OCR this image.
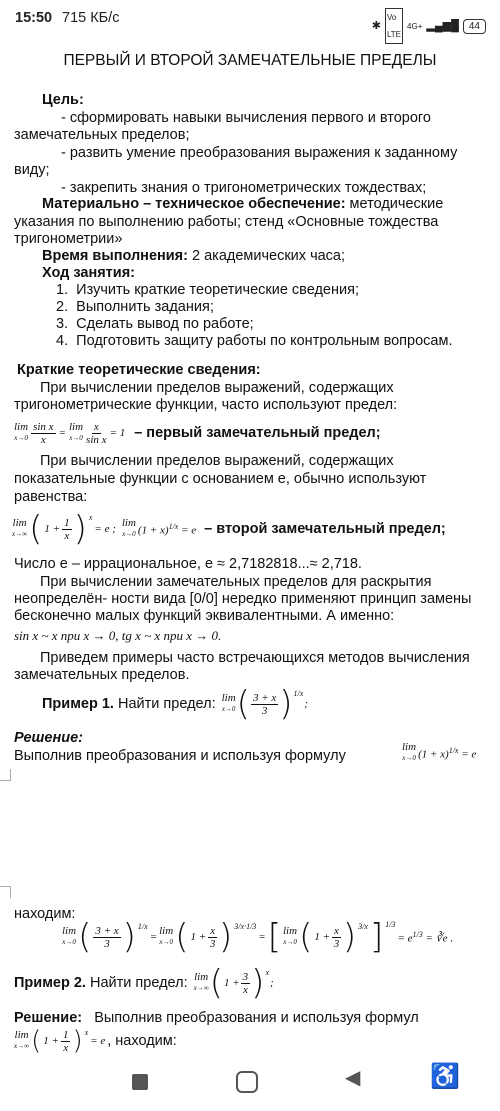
15:50 715 КБ/с	✱
Vo
LTE
4G+ ▂▄▆█	44
ПЕРВЫЙ И ВТОРОЙ ЗАМЕЧАТЕЛЬНЫЕ ПРЕДЕЛЫ
Цель:
- сформировать навыки вычисления первого и второго
замечательных пределов;
- развить умение преобразования выражения к заданному
виду;
- закрепить знания о тригонометрических тождествах;
Материально – техническое обеспечение: методические
указания по выполнению работы; стенд «Основные тождества
тригонометрии»
Время выполнения: 2 академических часа;
Ход занятия:
1.  Изучить краткие теоретические сведения;
2.  Выполнить задания;
3.  Сделать вывод по работе;
4.  Подготовить защиту работы по контрольным вопросам.
Краткие теоретические сведения:
При вычислении пределов выражений, содержащих
тригонометрические функции, часто используют предел:
lim
$x\to 0 \frac{\text{sin x}}{x} = \lim$
$x\to 0 \frac{x}{\text{sin x}} = 1$ – первый замечательный предел;
При вычислении пределов выражений, содержащих
показательные функции с основанием e, обычно используют
равенства:
lim
x→∞ ( $1 + \frac{1}{x}$ ) x
= e ; lim
x→0 $(1 + x)^{1/x} = e$ – второй замечательный предел;
Число e – иррациональное, e ≈ 2,7182818...≈ 2,718.
При вычислении замечательных пределов для раскрытия
неопределён- ности вида [0/0] нередко применяют принцип замены
бесконечно малых функций эквивалентными. А именно:
sin x ~ x при x → 0, tg x ~ x при x → 0.
Приведем примеры часто встречающихся методов вычисления
замечательных пределов.
Пример 1. Найти предел: lim
x→0 ( $\frac{3 + x}{3}$ ) 1/x
;
Решение:
Выполнив преобразования и используя формулу
lim
x→0 $(1 + x)^{1/x} = e$
находим:
lim
x→0 ( $\frac{3 + x}{3}$ ) 1/x
= lim
x→0 ( $1 + \frac{x}{3}$ ) 3/x·1/3
= [ lim
x→0 ( $1 + \frac{x}{3}$ ) 3/x ] 1/3
= $e^{1/3}$ = ∛e .
Пример 2. Найти предел: lim
x→∞ ( $1 + \frac{3}{x}$ ) x
;
Решение: Выполнив преобразования и используя формул
lim
x→∞ ( $1 + \frac{1}{x}$ ) x
= e , находим:
◀	♿
